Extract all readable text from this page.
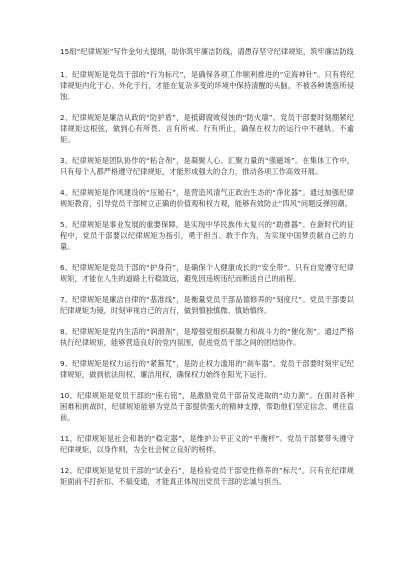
15组“纪律规矩”写作金句大提纲，助你筑牢廉洁防线，请愚存坚守纪律规矩，筑牢廉洁防线

1、纪律规矩是党员干部的“行为标尺”，是确保各项工作顺利推进的“定海神针”。只有将纪律规矩内化于心、外化于行，才能在复杂多变的环境中保持清醒的头脑，不被各种诱惑所侵蚀。

2、纪律规矩是廉洁从政的“防护盾”，是抵御腐败侵蚀的“防火墙”。党员干部要时刻绷紧纪律规矩这根弦，做到心有所畏、言有所戒、行有所止，确保在权力的运行中不越轨、不逾矩。

3、纪律规矩是团队协作的“粘合剂”，是凝聚人心、汇聚力量的“强磁场”。在集体工作中，只有每个人都严格遵守纪律规矩，才能形成强大的合力，推动各项工作高效开展。

4、纪律规矩是作风建设的“压舱石”，是营造风清气正政治生态的“净化器”。通过加强纪律规矩教育，引导党员干部树立正确的价值观和权力观，能够有效防止“四风”问题反弹回潮。

5、纪律规矩是事业发展的重要保障，是实现中华民族伟大复兴的“助推器”。在新时代的征程中，党员干部要以纪律规矩为指引，勇于担当、敢于作为，为实现中国梦贡献自己的力量。

6、纪律规矩是党员干部的“护身符”，是确保个人健康成长的“安全带”。只有自觉遵守纪律规矩，才能在人生的道路上行稳致远，避免因违规违纪而断送自己的前程。

7、纪律规矩是廉洁自律的“基准线”，是衡量党员干部品德修养的“刻度尺”。党员干部要以纪律规矩为镜，时刻审视自己的言行，做到慎独慎微、慎始慎终。

8、纪律规矩是党内生活的“润滑剂”，是增强党组织凝聚力和战斗力的“催化剂”。通过严格执行纪律规矩，能够营造良好的党内氛围，促进党员干部之间的团结协作。

9、纪律规矩是权力运行的“紧箍咒”，是防止权力滥用的“刹车器”。党员干部要时刻牢记纪律规矩，做到依法用权、廉洁用权，确保权力始终在阳光下运行。

10、纪律规矩是党员干部的“座右铭”，是激励党员干部奋发进取的“动力源”。在面对各种困难和挑战时，纪律规矩能够为党员干部提供强大的精神支撑，帮助他们坚定信念、勇往直前。

11、纪律规矩是社会和谐的“稳定器”，是维护公平正义的“平衡杆”。党员干部要带头遵守纪律规矩，以身作则，为全社会树立良好的榜样。

12、纪律规矩是党员干部的“试金石”，是检验党员干部党性修养的“标尺”。只有在纪律规矩面前不打折扣、不搞变通，才能真正体现出党员干部的忠诚与担当。
